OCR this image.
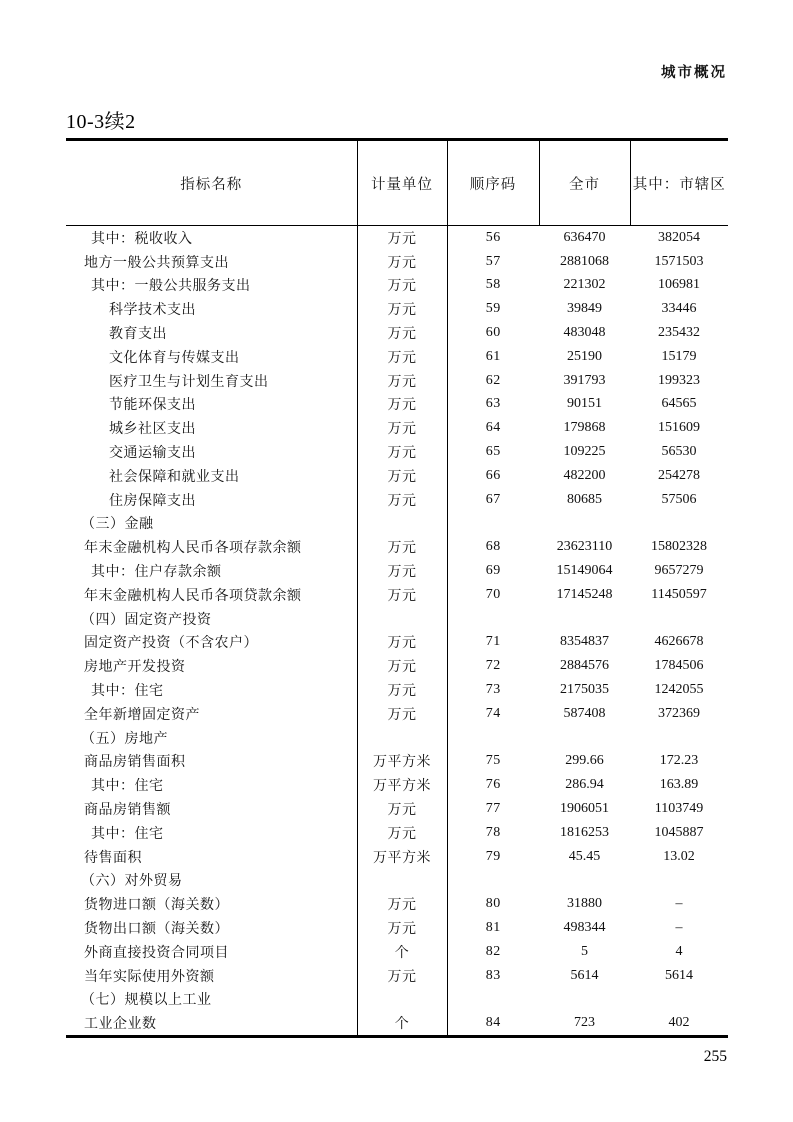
城市概况
10-3续2
指标名称	计量单位	顺序码	全市	其中：市辖区
其中：税收收入	万元	56	636470	382054
地方一般公共预算支出	万元	57	2881068	1571503
其中：一般公共服务支出	万元	58	221302	106981
科学技术支出	万元	59	39849	33446
教育支出	万元	60	483048	235432
文化体育与传媒支出	万元	61	25190	15179
医疗卫生与计划生育支出	万元	62	391793	199323
节能环保支出	万元	63	90151	64565
城乡社区支出	万元	64	179868	151609
交通运输支出	万元	65	109225	56530
社会保障和就业支出	万元	66	482200	254278
住房保障支出	万元	67	80685	57506
（三）金融				
年末金融机构人民币各项存款余额	万元	68	23623110	15802328
其中：住户存款余额	万元	69	15149064	9657279
年末金融机构人民币各项贷款余额	万元	70	17145248	11450597
（四）固定资产投资				
固定资产投资（不含农户）	万元	71	8354837	4626678
房地产开发投资	万元	72	2884576	1784506
其中：住宅	万元	73	2175035	1242055
全年新增固定资产	万元	74	587408	372369
（五）房地产				
商品房销售面积	万平方米	75	299.66	172.23
其中：住宅	万平方米	76	286.94	163.89
商品房销售额	万元	77	1906051	1103749
其中：住宅	万元	78	1816253	1045887
待售面积	万平方米	79	45.45	13.02
（六）对外贸易				
货物进口额（海关数）	万元	80	31880	–
货物出口额（海关数）	万元	81	498344	–
外商直接投资合同项目	个	82	5	4
当年实际使用外资额	万元	83	5614	5614
（七）规模以上工业				
工业企业数	个	84	723	402
255
